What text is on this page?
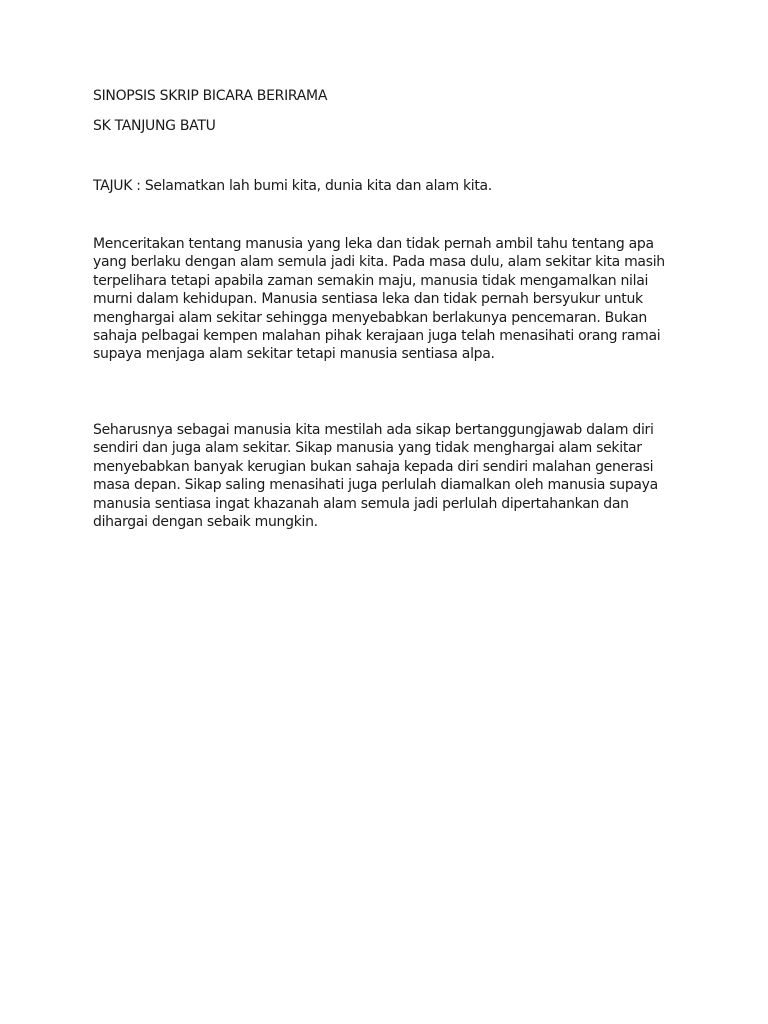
SINOPSIS SKRIP BICARA BERIRAMA

SK TANJUNG BATU

TAJUK : Selamatkan lah bumi kita, dunia kita dan alam kita.

Menceritakan tentang manusia yang leka dan tidak pernah ambil tahu tentang apa yang berlaku dengan alam semula jadi kita. Pada masa dulu, alam sekitar kita masih terpelihara tetapi apabila zaman semakin maju, manusia tidak mengamalkan nilai murni dalam kehidupan. Manusia sentiasa leka dan tidak pernah bersyukur untuk menghargai alam sekitar sehingga menyebabkan berlakunya pencemaran. Bukan sahaja pelbagai kempen malahan pihak kerajaan juga telah menasihati orang ramai supaya menjaga alam sekitar tetapi manusia sentiasa alpa.

Seharusnya sebagai manusia kita mestilah ada sikap bertanggungjawab dalam diri sendiri dan juga alam sekitar. Sikap manusia yang tidak menghargai alam sekitar menyebabkan banyak kerugian bukan sahaja kepada diri sendiri malahan generasi masa depan. Sikap saling menasihati juga perlulah diamalkan oleh manusia supaya manusia sentiasa ingat khazanah alam semula jadi perlulah dipertahankan dan dihargai dengan sebaik mungkin.
